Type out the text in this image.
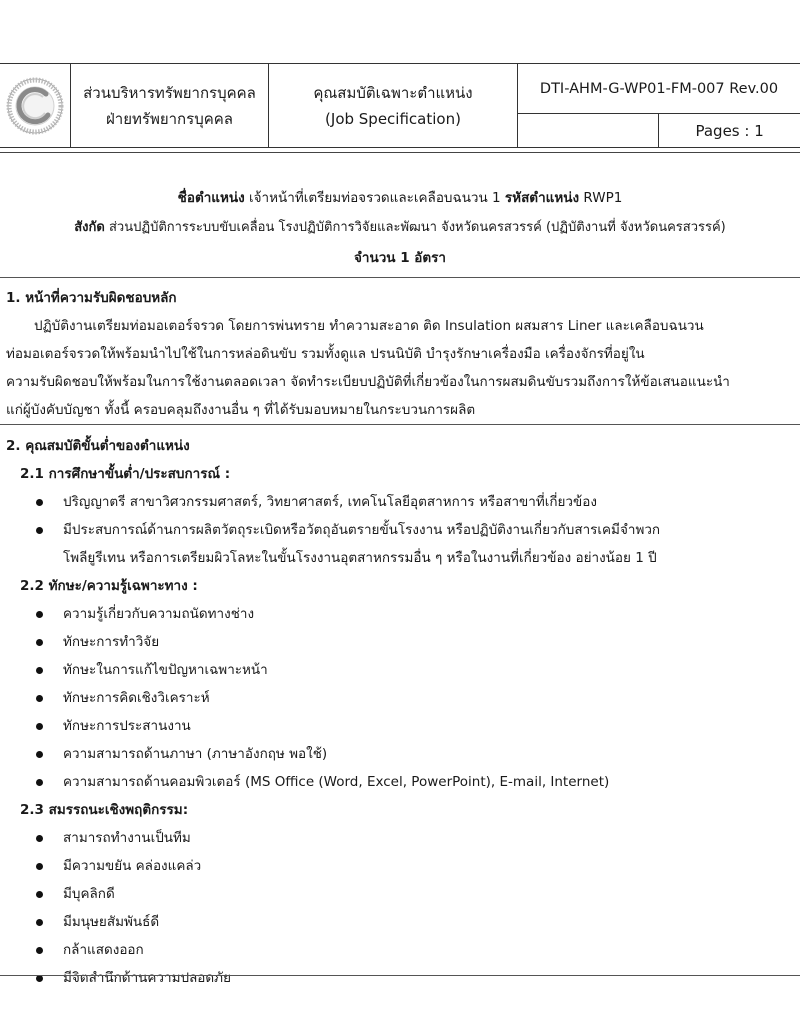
ส่วนบริหารทรัพยากรบุคคล
ฝ่ายทรัพยากรบุคคล

คุณสมบัติเฉพาะตำแหน่ง
(Job Specification)
	DTI-AHM-G-WP01-FM-007 Rev.00
				Pages : 1
ชื่อตำแหน่ง เจ้าหน้าที่เตรียมท่อจรวดและเคลือบฉนวน 1 รหัสตำแหน่ง RWP1
สังกัด ส่วนปฏิบัติการระบบขับเคลื่อน โรงปฏิบัติการวิจัยและพัฒนา จังหวัดนครสวรรค์ (ปฏิบัติงานที่ จังหวัดนครสวรรค์)
จำนวน 1 อัตรา
1. หน้าที่ความรับผิดชอบหลัก
ปฏิบัติงานเตรียมท่อมอเตอร์จรวด โดยการพ่นทราย ทำความสะอาด ติด Insulation ผสมสาร Liner และเคลือบฉนวน
ท่อมอเตอร์จรวดให้พร้อมนำไปใช้ในการหล่อดินขับ รวมทั้งดูแล ปรนนิบัติ บำรุงรักษาเครื่องมือ เครื่องจักรที่อยู่ใน
ความรับผิดชอบให้พร้อมในการใช้งานตลอดเวลา จัดทำระเบียบปฏิบัติที่เกี่ยวข้องในการผสมดินขับรวมถึงการให้ข้อเสนอแนะนำ
แก่ผู้บังคับบัญชา ทั้งนี้ ครอบคลุมถึงงานอื่น ๆ ที่ได้รับมอบหมายในกระบวนการผลิต
2. คุณสมบัติขั้นต่ำของตำแหน่ง
2.1 การศึกษาขั้นต่ำ/ประสบการณ์ :
ปริญญาตรี สาขาวิศวกรรมศาสตร์, วิทยาศาสตร์, เทคโนโลยีอุตสาหการ หรือสาขาที่เกี่ยวข้อง
มีประสบการณ์ด้านการผลิตวัตถุระเบิดหรือวัตถุอันตรายขั้นโรงงาน หรือปฏิบัติงานเกี่ยวกับสารเคมีจำพวก
โพลียูรีเทน หรือการเตรียมผิวโลหะในขั้นโรงงานอุตสาหกรรมอื่น ๆ หรือในงานที่เกี่ยวข้อง อย่างน้อย 1 ปี
2.2 ทักษะ/ความรู้เฉพาะทาง :
ความรู้เกี่ยวกับความถนัดทางช่าง
ทักษะการทำวิจัย
ทักษะในการแก้ไขปัญหาเฉพาะหน้า
ทักษะการคิดเชิงวิเคราะห์
ทักษะการประสานงาน
ความสามารถด้านภาษา (ภาษาอังกฤษ พอใช้)
ความสามารถด้านคอมพิวเตอร์ (MS Office (Word, Excel, PowerPoint), E-mail, Internet)
2.3 สมรรถนะเชิงพฤติกรรม:
สามารถทำงานเป็นทีม
มีความขยัน คล่องแคล่ว
มีบุคลิกดี
มีมนุษยสัมพันธ์ดี
กล้าแสดงออก
มีจิตสำนึกด้านความปลอดภัย
